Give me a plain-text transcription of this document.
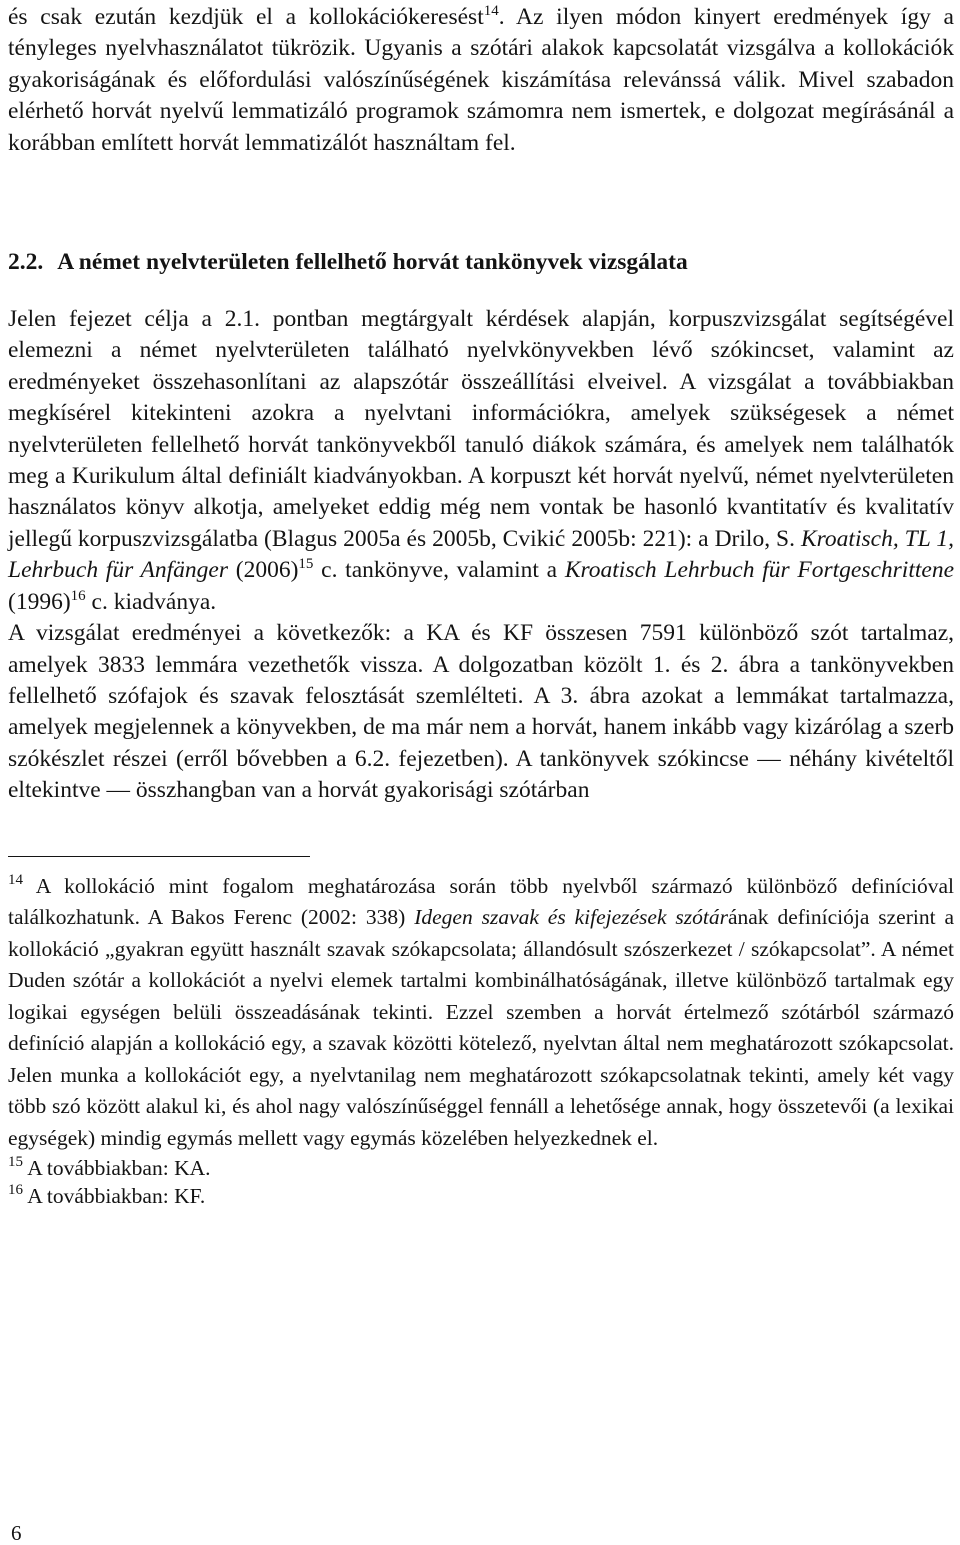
és csak ezután kezdjük el a kollokációkeresést$^{14}$. Az ilyen módon kinyert eredmények így a tényleges nyelvhasználatot tükrözik. Ugyanis a szótári alakok kapcsolatát vizsgálva a kollokációk gyakoriságának és előfordulási valószínűségének kiszámítása relevánssá válik. Mivel szabadon elérhető horvát nyelvű lemmatizáló programok számomra nem ismertek, e dolgozat megírásánál a korábban említett horvát lemmatizálót használtam fel.

2.2. A német nyelvterületen fellelhető horvát tankönyvek vizsgálata

Jelen fejezet célja a 2.1. pontban megtárgyalt kérdések alapján, korpuszvizsgálat segítségével elemezni a német nyelvterületen található nyelvkönyvekben lévő szókincset, valamint az eredményeket összehasonlítani az alapszótár összeállítási elveivel. A vizsgálat a továbbiakban megkísérel kitekinteni azokra a nyelvtani információkra, amelyek szükségesek a német nyelvterületen fellelhető horvát tankönyvekből tanuló diákok számára, és amelyek nem találhatók meg a Kurikulum által definiált kiadványokban. A korpuszt két horvát nyelvű, német nyelvterületen használatos könyv alkotja, amelyeket eddig még nem vontak be hasonló kvantitatív és kvalitatív jellegű korpuszvizsgálatba (Blagus 2005a és 2005b, Cvikić 2005b: 221): a Drilo, S. Kroatisch, TL 1, Lehrbuch für Anfänger $(2006)^{15}$ c. tankönyve, valamint a Kroatisch Lehrbuch für Fortgeschrittene $(1996)^{16}$ c. kiadványa.

A vizsgálat eredményei a következők: a KA és KF összesen 7591 különböző szót tartalmaz, amelyek 3833 lemmára vezethetők vissza. A dolgozatban közölt 1. és 2. ábra a tankönyvekben fellelhető szófajok és szavak felosztását szemlélteti. A 3. ábra azokat a lemmákat tartalmazza, amelyek megjelennek a könyvekben, de ma már nem a horvát, hanem inkább vagy kizárólag a szerb szókészlet részei (erről bővebben a 6.2. fejezetben). A tankönyvek szókincse — néhány kivételtől eltekintve — összhangban van a horvát gyakorisági szótárban

$^{14}$ A kollokáció mint fogalom meghatározása során több nyelvből származó különböző definícióval találkozhatunk. A Bakos Ferenc (2002: 338) Idegen szavak és kifejezések szótárának definíciója szerint a kollokáció „gyakran együtt használt szavak szókapcsolata; állandósult szószerkezet / szókapcsolat”. A német Duden szótár a kollokációt a nyelvi elemek tartalmi kombinálhatóságának, illetve különböző tartalmak egy logikai egységen belüli összeadásának tekinti. Ezzel szemben a horvát értelmező szótárból származó definíció alapján a kollokáció egy, a szavak közötti kötelező, nyelvtan által nem meghatározott szókapcsolat. Jelen munka a kollokációt egy, a nyelvtanilag nem meghatározott szókapcsolatnak tekinti, amely két vagy több szó között alakul ki, és ahol nagy valószínűséggel fennáll a lehetősége annak, hogy összetevői (a lexikai egységek) mindig egymás mellett vagy egymás közelében helyezkednek el.

$^{15}$ A továbbiakban: KA.

$^{16}$ A továbbiakban: KF.

6
